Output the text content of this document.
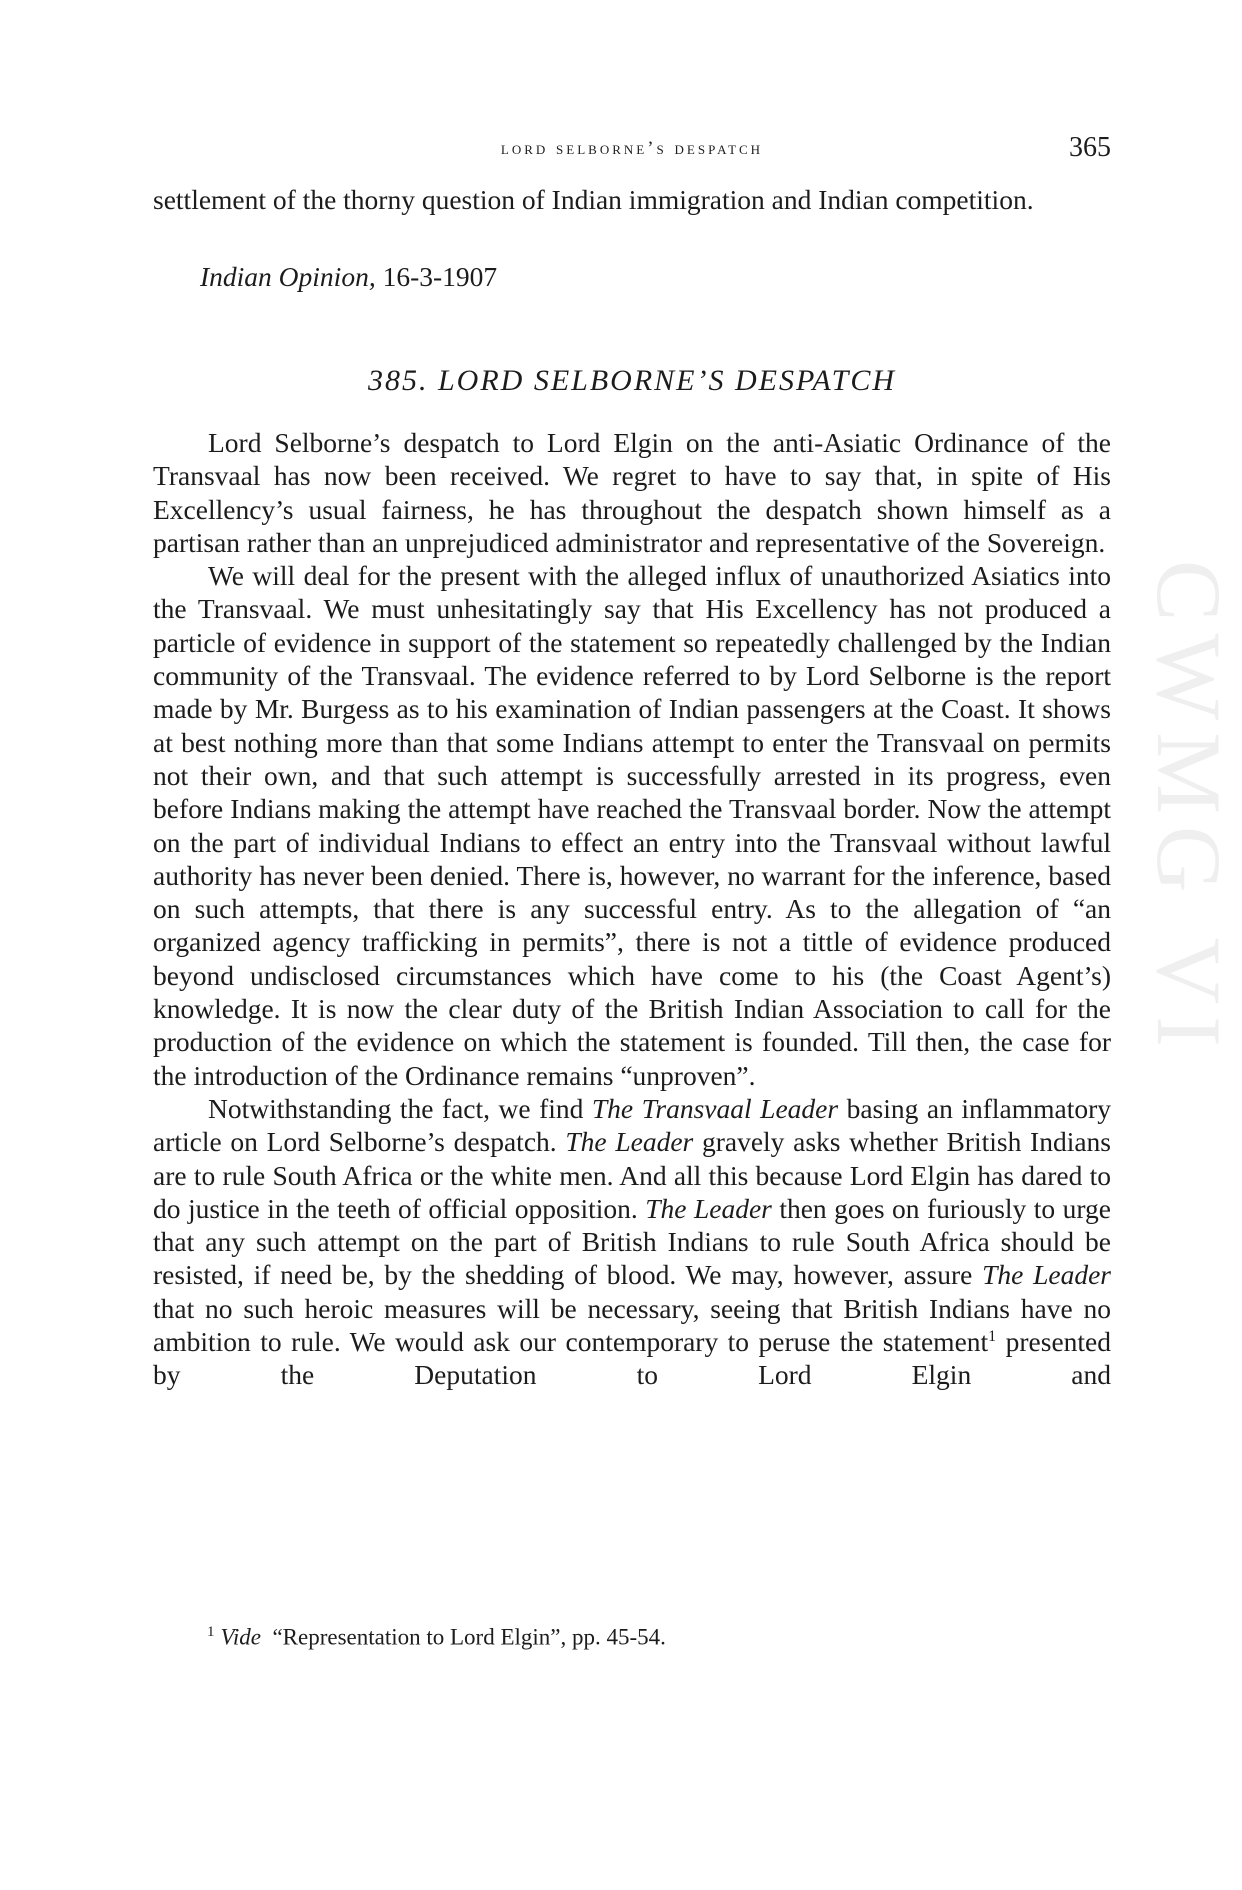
lord selborne’s despatch	365

settlement of the thorny question of Indian immigration and Indian competition.

Indian Opinion, 16-3-1907
385. LORD SELBORNE’S DESPATCH

Lord Selborne’s despatch to Lord Elgin on the anti-Asiatic Ordinance of the Transvaal has now been received. We regret to have to say that, in spite of His Excellency’s usual fairness, he has throughout the despatch shown himself as a partisan rather than an unprejudiced administrator and representative of the Sovereign.

We will deal for the present with the alleged influx of unauthorized Asiatics into the Transvaal. We must unhesitatingly say that His Excellency has not produced a particle of evidence in support of the statement so repeatedly challenged by the Indian community of the Transvaal. The evidence referred to by Lord Selborne is the report made by Mr. Burgess as to his examination of Indian passengers at the Coast. It shows at best nothing more than that some Indians attempt to enter the Transvaal on permits not their own, and that such attempt is successfully arrested in its progress, even before Indians making the attempt have reached the Transvaal border. Now the attempt on the part of individual Indians to effect an entry into the Transvaal without lawful authority has never been denied. There is, however, no warrant for the inference, based on such attempts, that there is any successful entry. As to the allegation of “an organized agency trafficking in permits”, there is not a tittle of evidence produced beyond undisclosed circumstances which have come to his (the Coast Agent’s) knowledge. It is now the clear duty of the British Indian Association to call for the production of the evidence on which the statement is founded. Till then, the case for the introduction of the Ordinance remains “unproven”.

Notwithstanding the fact, we find The Transvaal Leader basing an inflammatory article on Lord Selborne’s despatch. The Leader gravely asks whether British Indians are to rule South Africa or the white men. And all this because Lord Elgin has dared to do justice in the teeth of official opposition. The Leader then goes on furiously to urge that any such attempt on the part of British Indians to rule South Africa should be resisted, if need be, by the shedding of blood. We may, however, assure The Leader that no such heroic measures will be necessary, seeing that British Indians have no ambition to rule. We would ask our contemporary to peruse the statement$^1$ presented by the Deputation to Lord Elgin and

$^1$ Vide “Representation to Lord Elgin”, pp. 45-54.
CWMG VI
